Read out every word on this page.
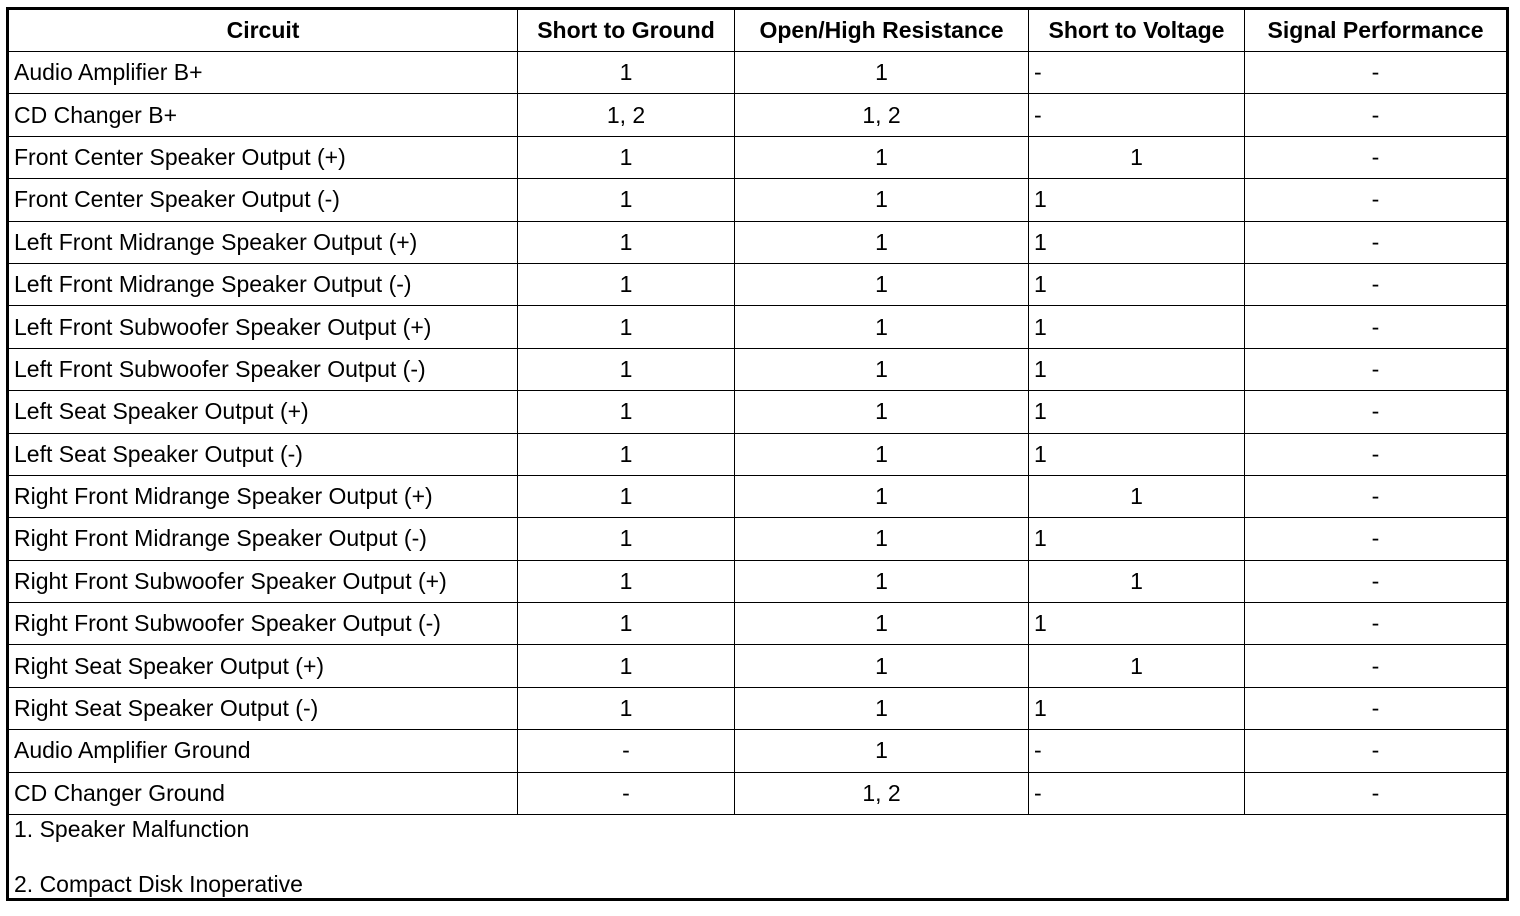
Circuit	Short to Ground	Open/High Resistance	Short to Voltage	Signal Performance
Audio Amplifier B+	1	1	-	-
CD Changer B+	1, 2	1, 2	-	-
Front Center Speaker Output (+)	1	1	1	-
Front Center Speaker Output (-)	1	1	1	-
Left Front Midrange Speaker Output (+)	1	1	1	-
Left Front Midrange Speaker Output (-)	1	1	1	-
Left Front Subwoofer Speaker Output (+)	1	1	1	-
Left Front Subwoofer Speaker Output (-)	1	1	1	-
Left Seat Speaker Output (+)	1	1	1	-
Left Seat Speaker Output (-)	1	1	1	-
Right Front Midrange Speaker Output (+)	1	1	1	-
Right Front Midrange Speaker Output (-)	1	1	1	-
Right Front Subwoofer Speaker Output (+)	1	1	1	-
Right Front Subwoofer Speaker Output (-)	1	1	1	-
Right Seat Speaker Output (+)	1	1	1	-
Right Seat Speaker Output (-)	1	1	1	-
Audio Amplifier Ground	-	1	-	-
CD Changer Ground	-	1, 2	-	-

1. Speaker Malfunction
2. Compact Disk Inoperative				
